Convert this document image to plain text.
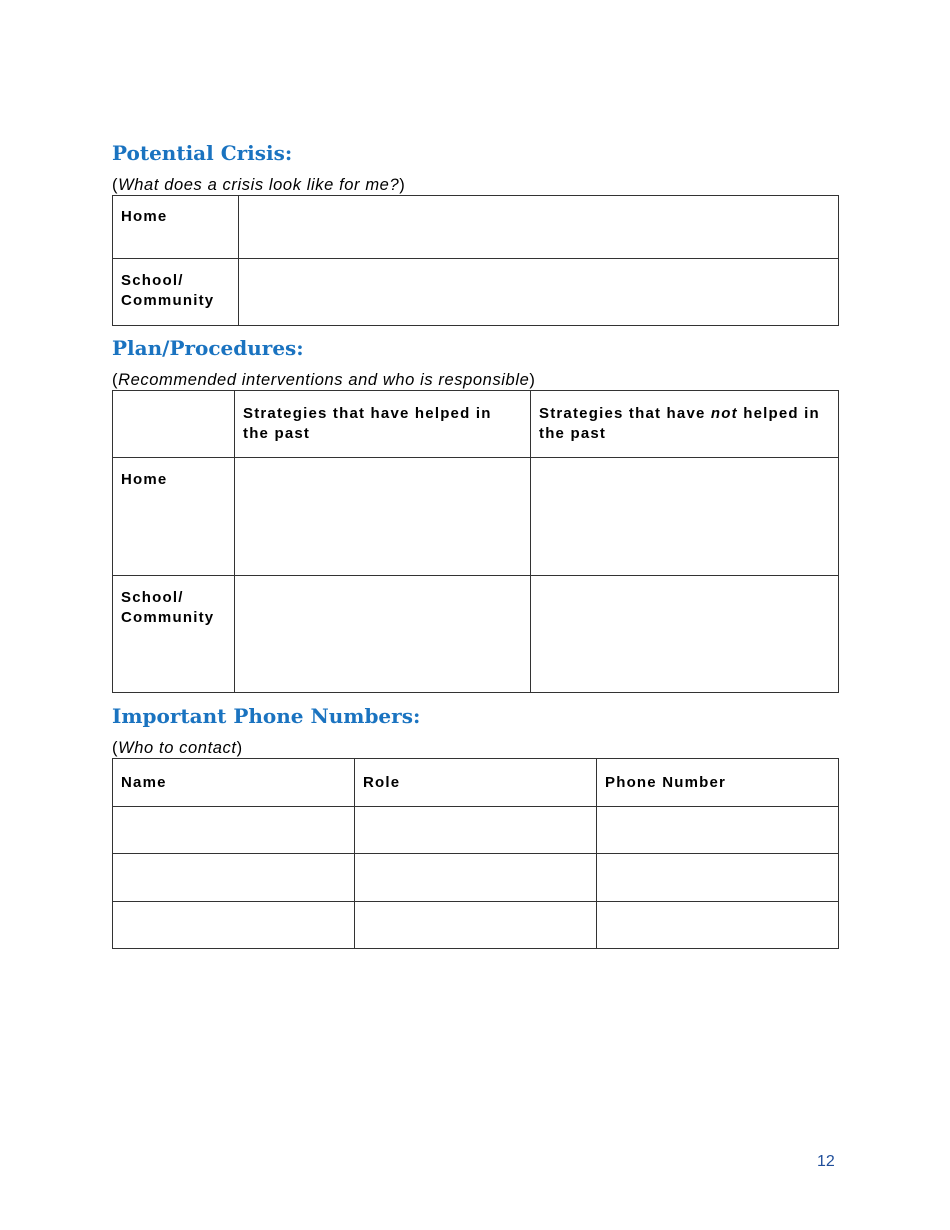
Potential Crisis:

(What does a crisis look like for me?)

Home	

School/
Community	

Plan/Procedures:

(Recommended interventions and who is responsible)

	Strategies that have helped in the past	Strategies that have not helped in the past

Home		

School/
Community		

Important Phone Numbers:

(Who to contact)

Name	Role	Phone Number

12
